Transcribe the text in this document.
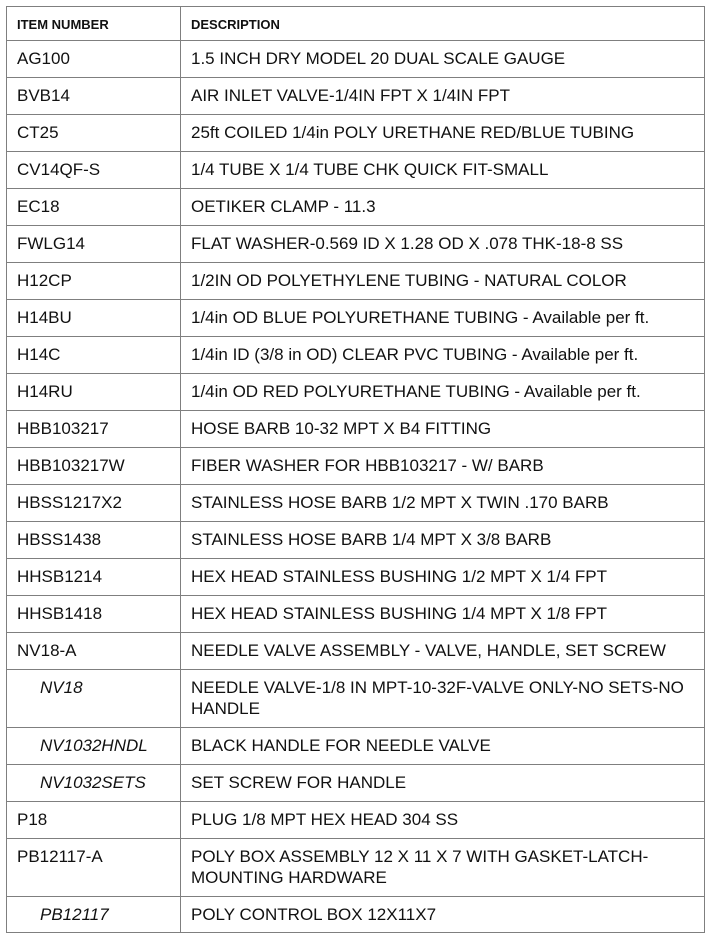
ITEM NUMBER	DESCRIPTION
AG100	1.5 INCH DRY MODEL 20 DUAL SCALE GAUGE
BVB14	AIR INLET VALVE-1/4IN FPT X 1/4IN FPT
CT25	25ft COILED 1/4in POLY URETHANE RED/BLUE TUBING
CV14QF-S	1/4 TUBE X 1/4 TUBE CHK QUICK FIT-SMALL
EC18	OETIKER CLAMP - 11.3
FWLG14	FLAT WASHER-0.569 ID X 1.28 OD X .078 THK-18-8 SS
H12CP	1/2IN OD POLYETHYLENE TUBING - NATURAL COLOR
H14BU	1/4in OD BLUE POLYURETHANE TUBING - Available per ft.
H14C	1/4in ID (3/8 in OD) CLEAR PVC TUBING - Available per ft.
H14RU	1/4in OD RED POLYURETHANE TUBING - Available per ft.
HBB103217	HOSE BARB 10-32 MPT X B4 FITTING
HBB103217W	FIBER WASHER FOR HBB103217 - W/ BARB
HBSS1217X2	STAINLESS HOSE BARB 1/2 MPT X TWIN .170 BARB
HBSS1438	STAINLESS HOSE BARB 1/4 MPT X 3/8 BARB
HHSB1214	HEX HEAD STAINLESS BUSHING 1/2 MPT X 1/4 FPT
HHSB1418	HEX HEAD STAINLESS BUSHING 1/4 MPT X 1/8 FPT
NV18-A	NEEDLE VALVE ASSEMBLY - VALVE, HANDLE, SET SCREW
NV18	NEEDLE VALVE-1/8 IN MPT-10-32F-VALVE ONLY-NO SETS-NO HANDLE
NV1032HNDL	BLACK HANDLE FOR NEEDLE VALVE
NV1032SETS	SET SCREW FOR HANDLE
P18	PLUG 1/8 MPT HEX HEAD 304 SS
PB12117-A	POLY BOX ASSEMBLY 12 X 11 X 7 WITH GASKET-LATCH-MOUNTING HARDWARE
PB12117	POLY CONTROL BOX 12X11X7
